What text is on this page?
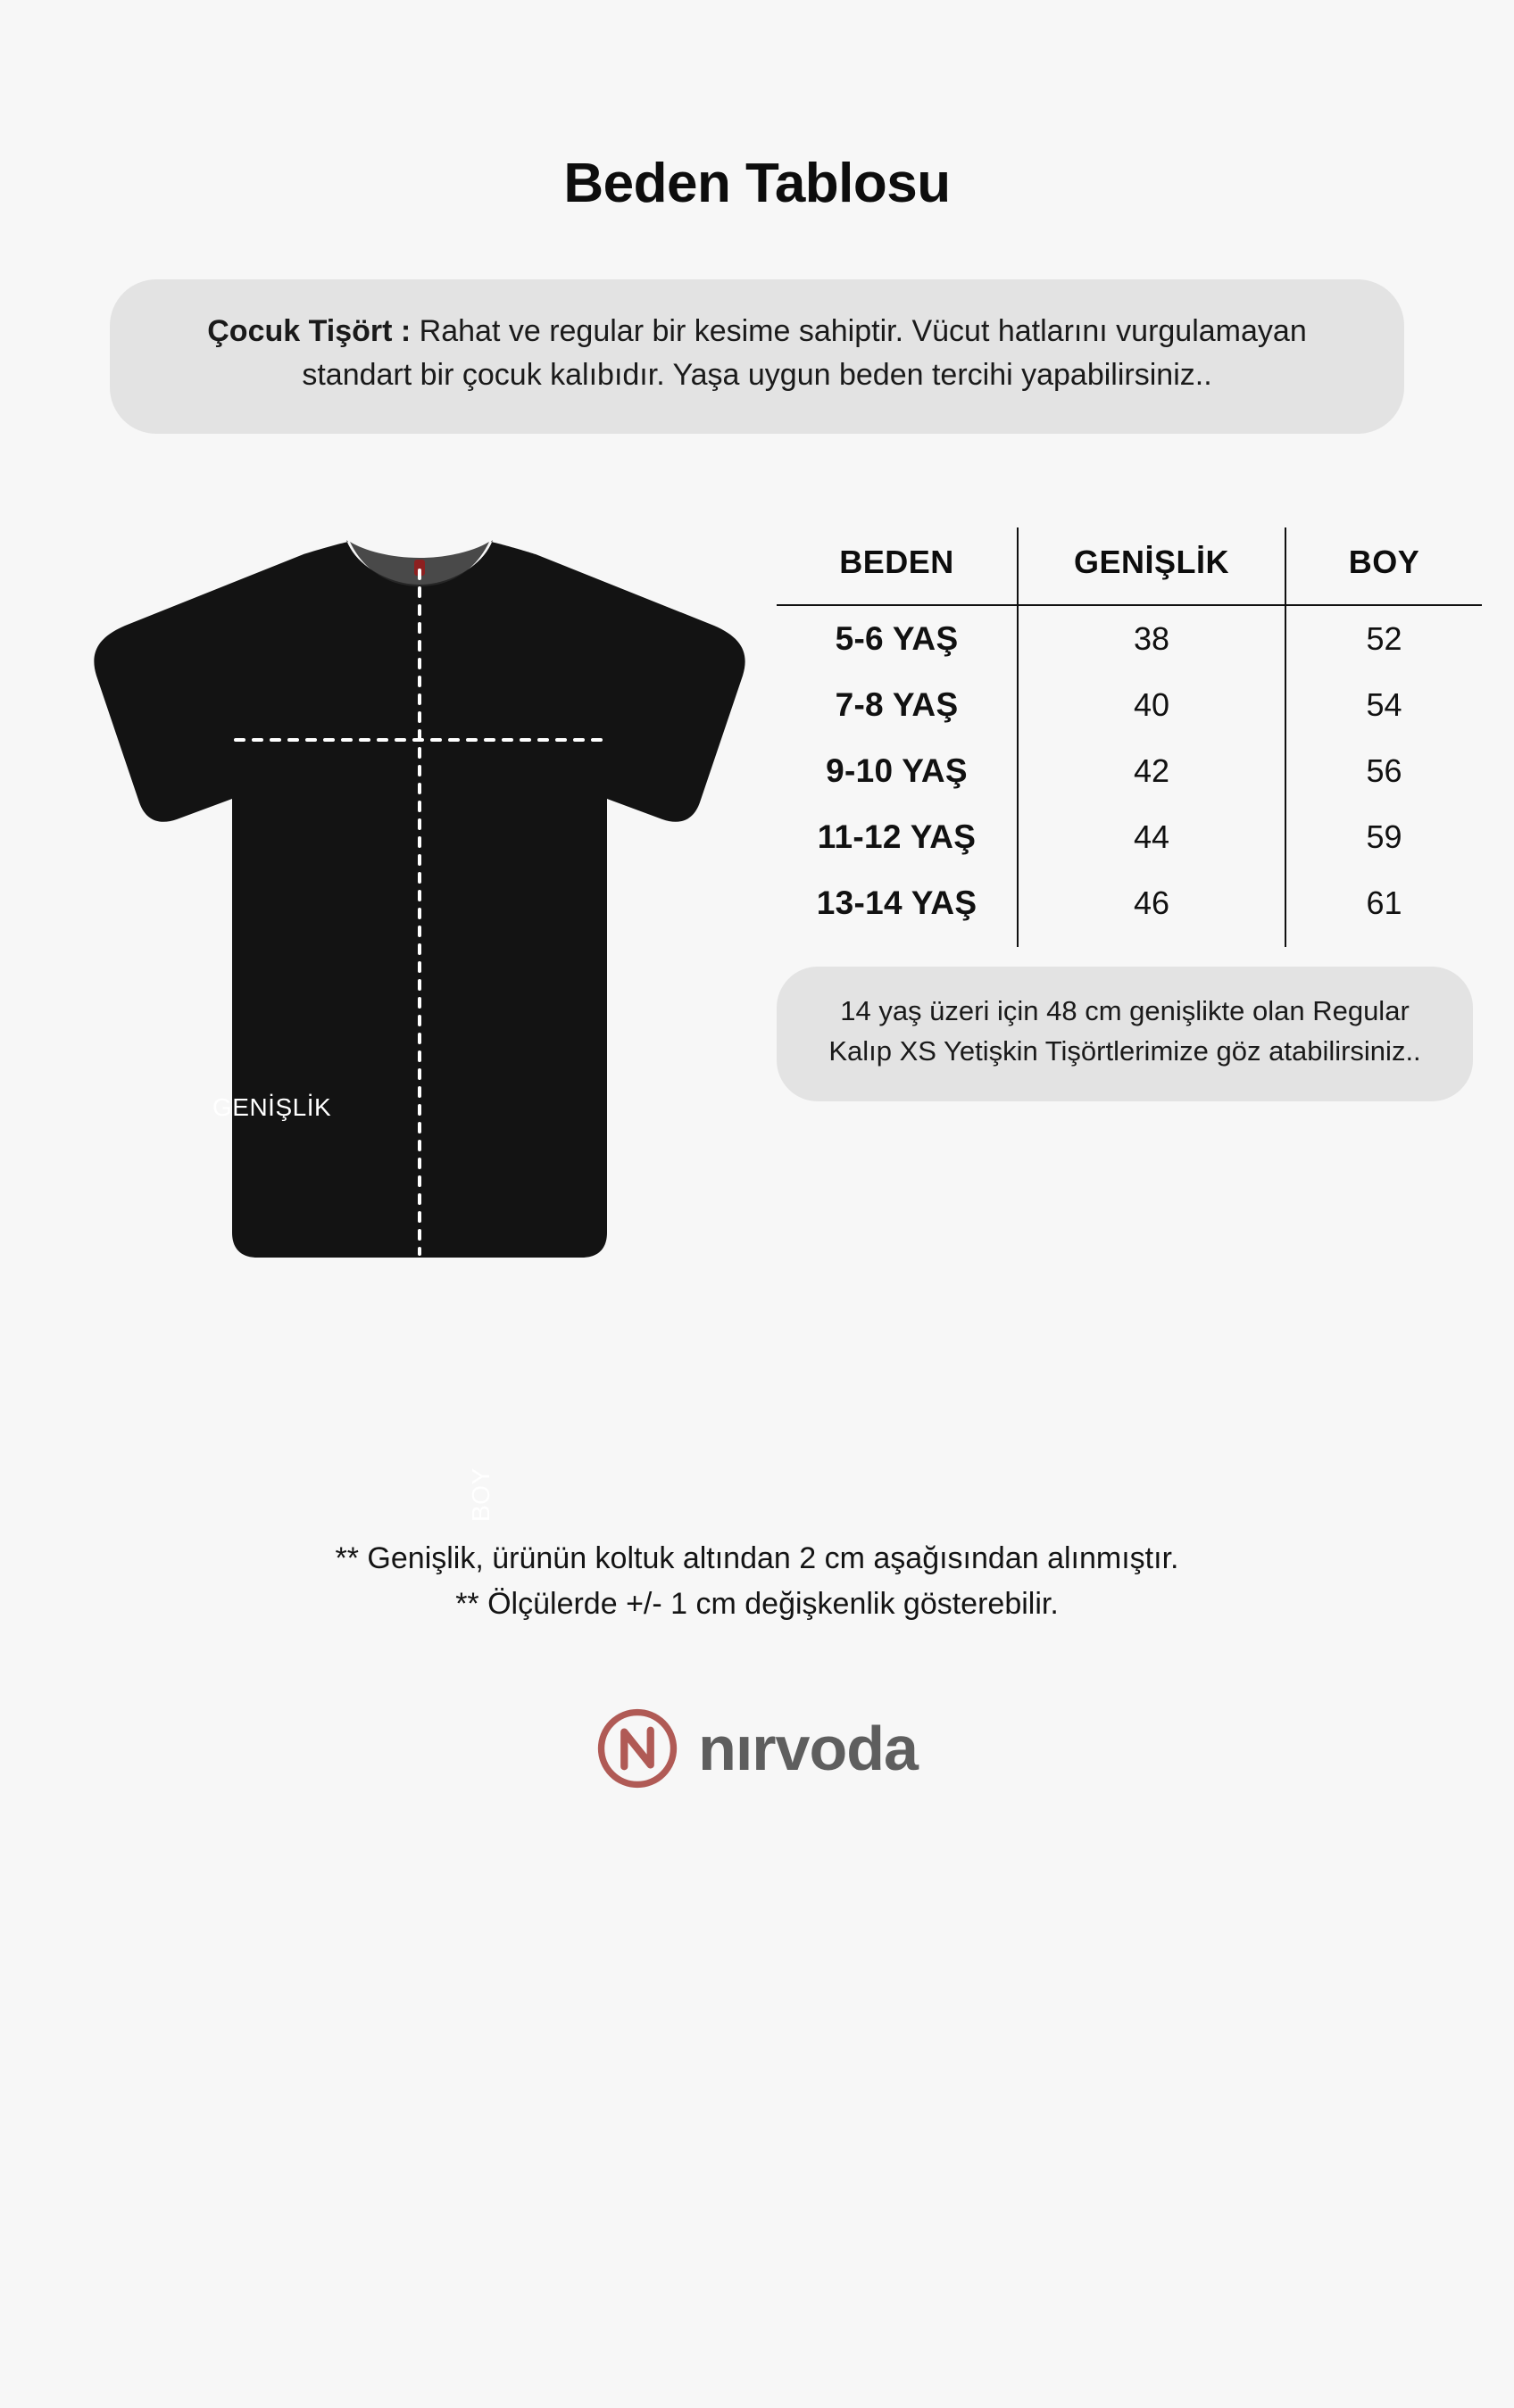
Beden Tablosu
Çocuk Tişört : Rahat ve regular bir kesime sahiptir. Vücut hatlarını vurgulamayan standart bir çocuk kalıbıdır. Yaşa uygun beden tercihi yapabilirsiniz..
BEDEN	GENİŞLİK	BOY
5-6 YAŞ	38	52
7-8 YAŞ	40	54
9-10 YAŞ	42	56
11-12 YAŞ	44	59
13-14 YAŞ	46	61
14 yaş üzeri için 48 cm genişlikte olan Regular Kalıp XS Yetişkin Tişörtlerimize göz atabilirsiniz..
GENİŞLİK
BOY
** Genişlik, ürünün koltuk altından 2 cm aşağısından alınmıştır.
** Ölçülerde +/- 1 cm değişkenlik gösterebilir.
nırvoda
